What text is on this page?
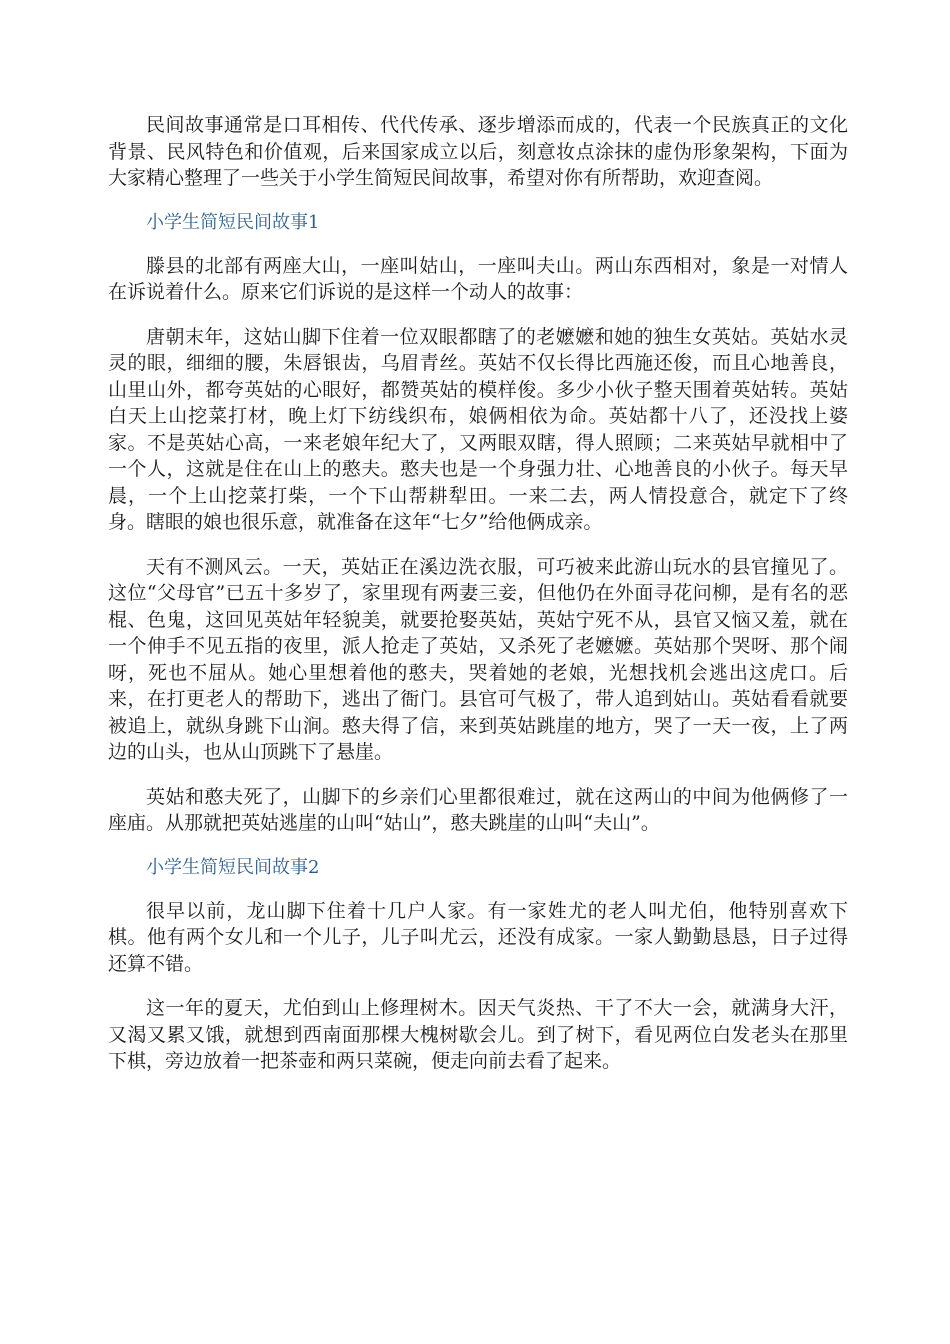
民间故事通常是口耳相传、代代传承、逐步增添而成的，代表一个民族真正的文化背景、民风特色和价值观，后来国家成立以后，刻意妆点涂抹的虚伪形象架构，下面为大家精心整理了一些关于小学生简短民间故事，希望对你有所帮助，欢迎查阅。

小学生简短民间故事1

滕县的北部有两座大山，一座叫姑山，一座叫夫山。两山东西相对，象是一对情人在诉说着什么。原来它们诉说的是这样一个动人的故事：

唐朝末年，这姑山脚下住着一位双眼都瞎了的老嬷嬷和她的独生女英姑。英姑水灵灵的眼，细细的腰，朱唇银齿，乌眉青丝。英姑不仅长得比西施还俊，而且心地善良，山里山外，都夸英姑的心眼好，都赞英姑的模样俊。多少小伙子整天围着英姑转。英姑白天上山挖菜打材，晚上灯下纺线织布，娘俩相依为命。英姑都十八了，还没找上婆家。不是英姑心高，一来老娘年纪大了，又两眼双瞎，得人照顾；二来英姑早就相中了一个人，这就是住在山上的憨夫。憨夫也是一个身强力壮、心地善良的小伙子。每天早晨，一个上山挖菜打柴，一个下山帮耕犁田。一来二去，两人情投意合，就定下了终身。瞎眼的娘也很乐意，就准备在这年“七夕”给他俩成亲。

天有不测风云。一天，英姑正在溪边洗衣服，可巧被来此游山玩水的县官撞见了。这位“父母官”已五十多岁了，家里现有两妻三妾，但他仍在外面寻花问柳，是有名的恶棍、色鬼，这回见英姑年轻貌美，就要抢娶英姑，英姑宁死不从，县官又恼又羞，就在一个伸手不见五指的夜里，派人抢走了英姑，又杀死了老嬷嬷。英姑那个哭呀、那个闹呀，死也不屈从。她心里想着他的憨夫，哭着她的老娘，光想找机会逃出这虎口。后来，在打更老人的帮助下，逃出了衙门。县官可气极了，带人追到姑山。英姑看看就要被追上，就纵身跳下山涧。憨夫得了信，来到英姑跳崖的地方，哭了一天一夜，上了两边的山头，也从山顶跳下了悬崖。

英姑和憨夫死了，山脚下的乡亲们心里都很难过，就在这两山的中间为他俩修了一座庙。从那就把英姑逃崖的山叫“姑山”，憨夫跳崖的山叫“夫山”。

小学生简短民间故事2

很早以前，龙山脚下住着十几户人家。有一家姓尤的老人叫尤伯，他特别喜欢下棋。他有两个女儿和一个儿子，儿子叫尤云，还没有成家。一家人勤勤恳恳，日子过得还算不错。

这一年的夏天，尤伯到山上修理树木。因天气炎热、干了不大一会，就满身大汗，又渴又累又饿，就想到西南面那棵大槐树歇会儿。到了树下，看见两位白发老头在那里下棋，旁边放着一把茶壶和两只菜碗，便走向前去看了起来。
